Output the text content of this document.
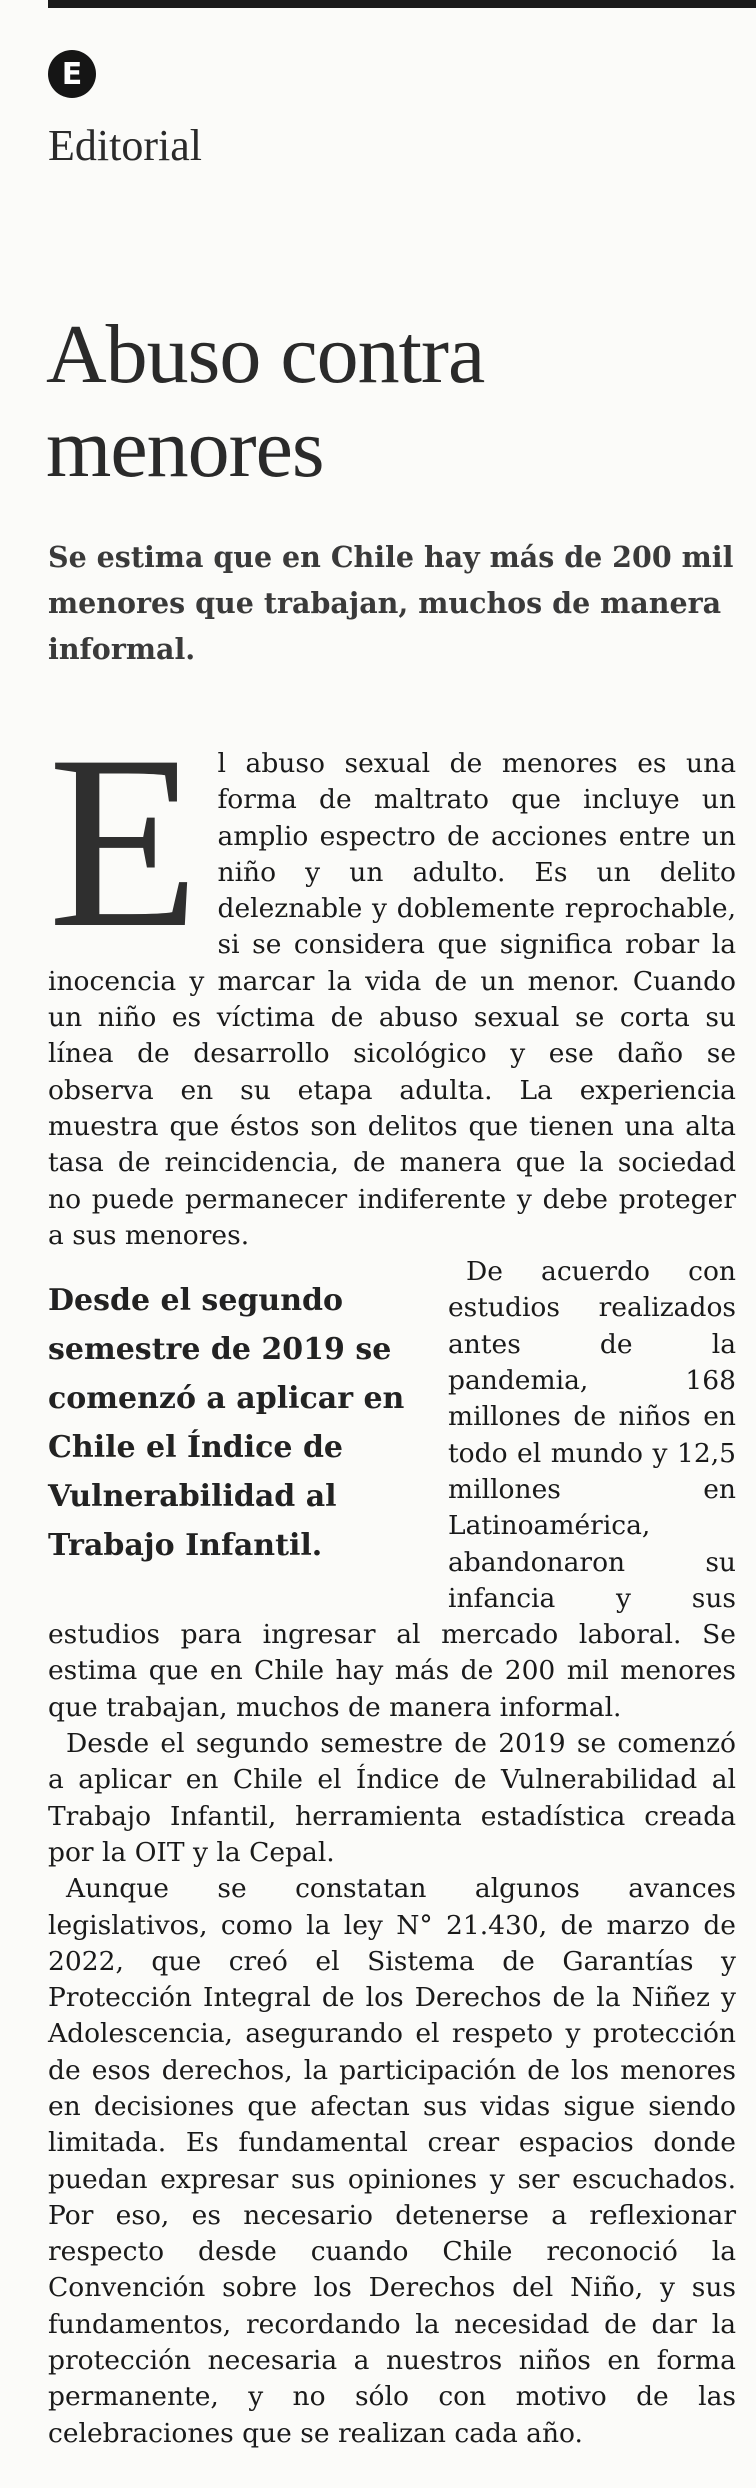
E
Editorial
Abuso contra menores

Se estima que en Chile hay más de 200 mil menores que trabajan, muchos de manera informal.

El abuso sexual de menores es una forma de maltrato que incluye un amplio espectro de acciones entre un niño y un adulto. Es un delito deleznable y doblemente reprochable, si se considera que significa robar la inocencia y marcar la vida de un menor. Cuando un niño es víctima de abuso sexual se corta su línea de desarrollo sicológico y ese daño se observa en su etapa adulta. La experiencia muestra que éstos son delitos que tienen una alta tasa de reincidencia, de manera que la sociedad no puede permanecer indiferente y debe proteger a sus menores.

Desde el segundo semestre de 2019 se comenzó a aplicar en Chile el Índice de Vulnerabilidad al Trabajo Infantil.
De acuerdo con estudios realizados antes de la pandemia, 168 millones de niños en todo el mundo y 12,5 millones en Latinoamérica, abandonaron su infancia y sus estudios para ingresar al mercado laboral. Se estima que en Chile hay más de 200 mil menores que trabajan, muchos de manera informal.

Desde el segundo semestre de 2019 se comenzó a aplicar en Chile el Índice de Vulnerabilidad al Trabajo Infantil, herramienta estadística creada por la OIT y la Cepal.

Aunque se constatan algunos avances legislativos, como la ley N° 21.430, de marzo de 2022, que creó el Sistema de Garantías y Protección Integral de los Derechos de la Niñez y Adolescencia, asegurando el respeto y protección de esos derechos, la participación de los menores en decisiones que afectan sus vidas sigue siendo limitada. Es fundamental crear espacios donde puedan expresar sus opiniones y ser escuchados. Por eso, es necesario detenerse a reflexionar respecto desde cuando Chile reconoció la Convención sobre los Derechos del Niño, y sus fundamentos, recordando la necesidad de dar la protección necesaria a nuestros niños en forma permanente, y no sólo con motivo de las celebraciones que se realizan cada año.
